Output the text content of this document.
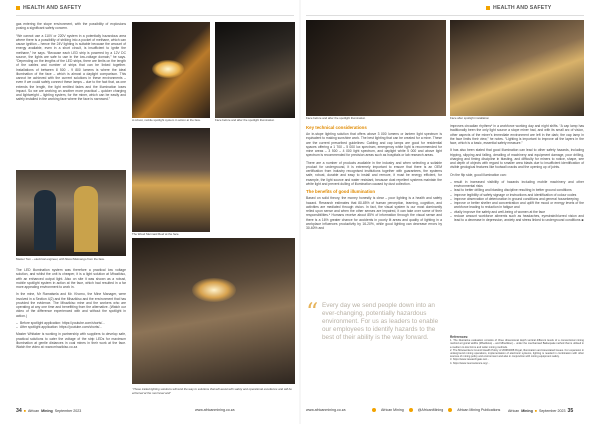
HEALTH AND SAFETY

gas entering the stope environment, with the possibility of explosions posing a significant safety concern.

“We cannot use a 110V or 220V system in a potentially hazardous area where there is a possibility of striking into a pocket of methane, which can cause ignition – hence the 24V lighting is suitable because the amount of energy available, even in a short circuit, is insufficient to ignite the methane,” he says. “Because each LED strip is powered by a 12V DC source, the lights are safe to use in the low-voltage domain,” he says. “Depending on the lengths of the LED strips, there are limits on the length of the cables and number of strips that can be linked together. Installations of between 8 500 - 9 800 lumens is where the ideal illumination of the face – which is almost a daylight comparison. This cannot be achieved with the current solutions in these environments – even if we could safely connect these lamps – due to the fact that, as one extends the length, the light emitted fades and the illumination loses impact. So we are working on another more practical – quicker charging and lightweight – lighting system, for the miner, which can be easily and safely installed in the working face where the face is narrowed.”

A robust, mobile spotlight system in action at the face.
The Wood Mermaid Reef at the face.
Face before and after the spotlight illumination
Master Tom – electrical engineer, with Nkosi Msimango from the face.

The LED illumination system was therefore a practical low voltage solution, and whilst the unit is cheaper, it is a light solution at Mhazikiso, with an enhanced output light. Also on site it was shown as a robust, mobile spotlight system in action at the face, which had resulted in a far more appealing environment to work in.

In the mine, Mr Ramatsela and Mr. Khomo, the Mine Manager, were involved in a Section 4(2) and the Mhazikiso and the environment that has provided the evidence. The Mhazikiso mine and the workers who are operating at any one time and benefitting from the alternative. (Watch our video of the difference experienced with and without the spotlight in action.)

– Before spotlight application: https://youtube.com/shorts/...
– After spotlight application: https://youtube.com/shorts/...

Master Whitaker is working in partnership with suppliers to develop safe, practical solutions to cater the voltage of the strip LEDs for maximum illumination at gentle distances in coal mines in their work at the face. Watch the video at: www.mhazikiso.co.za

“These trailed lighting solutions will lend the way to solutions that will assist with safety and operational excellence and will be enforced at the next level and”
34 ■ African Mining September 2023	www.africanmining.co.za
HEALTH AND SAFETY
Face before and after the spotlight illumination	Face after spotlight installation
Key technical considerations

An in-stope lighting solution that offers above 3 000 lumens or lantern light spectrum is equivalent to making sunshine work. The best lighting that can be created for a mine. These are the current prescribed guidelines: Cabling and cap lamps are good for residential spaces offering a 1 700 – 5 000 lux spectrum, emergency white light is recommended for mine areas – 3 500 – 4 000 light spectrum, and daylight white 5 000 and above light spectrum is recommended for precision areas such as hospitals or lab research areas.

There are a number of products available in the industry and when selecting a suitable product for underground, it is extremely important to ensure that there is an OEM certification from industry recognised institutions together with guarantees, the systems safe, robust, durable and easy to install and remove, it must be energy efficient, for example, the light source and water resistant, because dust repellent systems maintain the white light and prevent dulling of illumination caused by dust collection.

The benefits of good illumination

Based on solid theory, the money honestly is clear – poor lighting is a health and safety hazard. Research estimates that 80-85% of human perception, learning, cognition, and activities are mediated through vision. In fact, the visual system is our most dominantly relied upon sense and when the other senses are impaired, it can take over some of their responsibilities.* Humans receive about 85% of information through the visual sense and there is a 16% greater chance for accidents in poorly lit areas and quality of lighting in a workplace influences productivity by 16-20%, while good lighting can decrease errors by 30-60% and

“ Every day we send people down into an ever-changing, potentially hazardous environment. For us as leaders to enable our employees to identify hazards to the best of their ability is the way forward.

improves circadian rhythms* in a workforce working day and night shifts. “A cap lamp has traditionally been the only light source a stope miner had, and with its small arc of vision, other aspects of the miner’s immediate environment are left in the dark; the cap lamp in the face limits their view,” he notes. “Lighting is important to improve all the layers in the face, which is a basic, essential safety measure.”

It has also been stated that good illumination can lead to other safety hazards, including tripping, slipping and falling, derailing of machinery and equipment damage, poor drilling, charging and timing discipline in blasting, and difficulty for miners to notice, shape, see and depth of objects with regard to smaller area blasts due to insufficient identification of visible geological features like footwall cracks and the opening up of joints.

On the flip side, good illumination can:

– result in increased visibility of hazards including mobile machinery and other environmental risks
– lead to better drilling and blasting discipline resulting in better ground conditions
– improve legibility of safety signage or instructions and identification of colour codes
– improve observation of deterioration in ground conditions and general housekeeping
– improve or better shelter and concentration and uplift the mood or energy levels of the workforce leading to reduction in fatigue and
– vitally improve the safety and well-being of women at the face
– reduce amount workforce ailments such as headaches, eyestrain/blurred vision and lead to a decrease in depression, anxiety and stress linked to underground conditions ■
References:
1. The illustrative evaluation consists of three dimensional depth vertical different levels of a conventional mining method at typical widths (Mhazikiso) – and Mhazikiso) – under the mechanised Baitsopala method that is utilised in a medium to low forms and wider mining methods.
2. The Mineworkers Council Health Policy of 2008/2008 Royal, Illumination and Associated Issues. For expansion in underground mining operations, implementation of electronic systems, lighting is needed in combination with other sources of mining policy and environment and also in conjunction with mining equipment safety.
3. https://www.researchgate.net/...
4. https://www.neuroscience.org/...
www.africanmining.co.za	African Mining	@AfricanMining	African Mining Publications African Mining ■ September 2023 35
